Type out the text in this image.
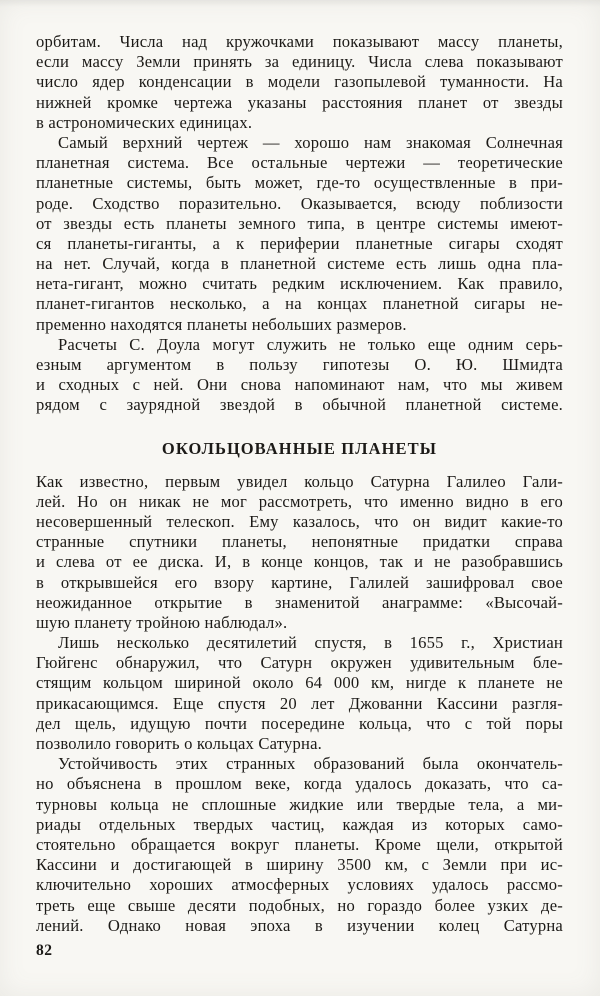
орбитам. Числа над кружочками показывают массу планеты,
если массу Земли принять за единицу. Числа слева показывают
число ядер конденсации в модели газопылевой туманности. На
нижней кромке чертежа указаны расстояния планет от звезды
в астрономических единицах.
Самый верхний чертеж — хорошо нам знакомая Солнечная
планетная система. Все остальные чертежи — теоретические
планетные системы, быть может, где-то осуществленные в при-
роде. Сходство поразительно. Оказывается, всюду поблизости
от звезды есть планеты земного типа, в центре системы имеют-
ся планеты-гиганты, а к периферии планетные сигары сходят
на нет. Случай, когда в планетной системе есть лишь одна пла-
нета-гигант, можно считать редким исключением. Как правило,
планет-гигантов несколько, а на концах планетной сигары не-
пременно находятся планеты небольших размеров.
Расчеты С. Доула могут служить не только еще одним серь-
езным аргументом в пользу гипотезы О. Ю. Шмидта
и сходных с ней. Они снова напоминают нам, что мы живем
рядом с заурядной звездой в обычной планетной системе.
ОКОЛЬЦОВАННЫЕ ПЛАНЕТЫ
Как известно, первым увидел кольцо Сатурна Галилео Гали-
лей. Но он никак не мог рассмотреть, что именно видно в его
несовершенный телескоп. Ему казалось, что он видит какие-то
странные спутники планеты, непонятные придатки справа
и слева от ее диска. И, в конце концов, так и не разобравшись
в открывшейся его взору картине, Галилей зашифровал свое
неожиданное открытие в знаменитой анаграмме: «Высочай-
шую планету тройною наблюдал».
Лишь несколько десятилетий спустя, в 1655 г., Христиан
Гюйгенс обнаружил, что Сатурн окружен удивительным бле-
стящим кольцом шириной около 64 000 км, нигде к планете не
прикасающимся. Еще спустя 20 лет Джованни Кассини разгля-
дел щель, идущую почти посередине кольца, что с той поры
позволило говорить о кольцах Сатурна.
Устойчивость этих странных образований была окончатель-
но объяснена в прошлом веке, когда удалось доказать, что са-
турновы кольца не сплошные жидкие или твердые тела, а ми-
риады отдельных твердых частиц, каждая из которых само-
стоятельно обращается вокруг планеты. Кроме щели, открытой
Кассини и достигающей в ширину 3500 км, с Земли при ис-
ключительно хороших атмосферных условиях удалось рассмо-
треть еще свыше десяти подобных, но гораздо более узких де-
лений. Однако новая эпоха в изучении колец Сатурна
82
